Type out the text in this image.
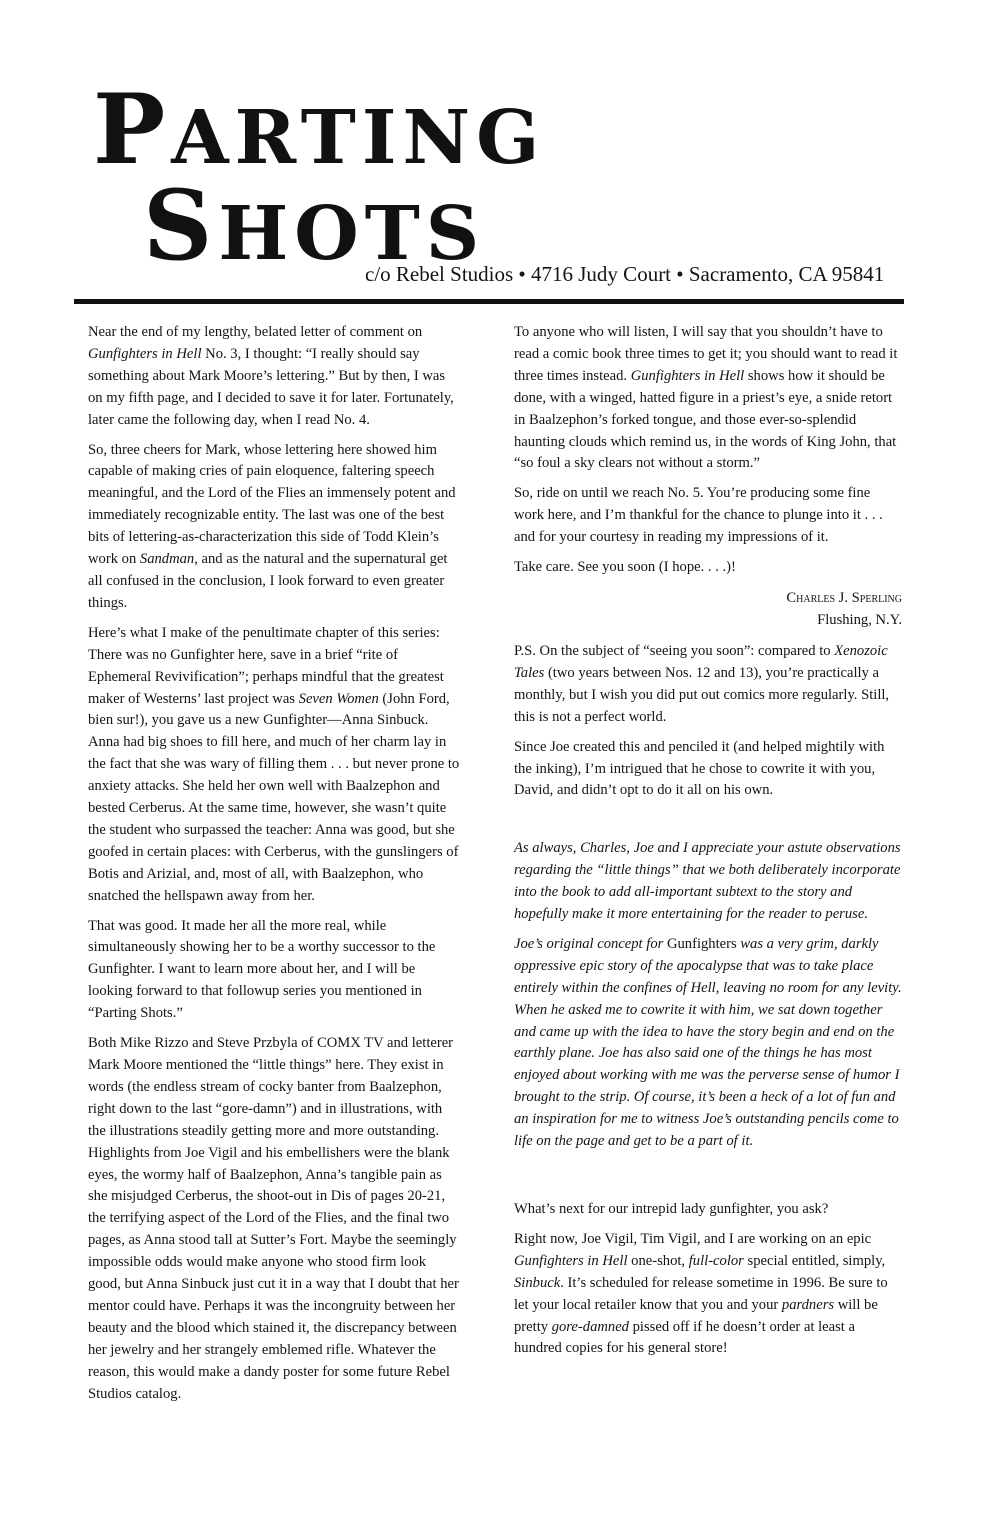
PARTING
SHOTS
c/o Rebel Studios • 4716 Judy Court • Sacramento, CA 95841

Near the end of my lengthy, belated letter of comment on Gunfighters in Hell No. 3, I thought: “I really should say something about Mark Moore’s lettering.” But by then, I was on my fifth page, and I decided to save it for later. Fortunately, later came the following day, when I read No. 4.

So, three cheers for Mark, whose lettering here showed him capable of making cries of pain eloquence, faltering speech meaningful, and the Lord of the Flies an immensely potent and immediately recognizable entity. The last was one of the best bits of lettering-as-characterization this side of Todd Klein’s work on Sandman, and as the natural and the supernatural get all confused in the conclusion, I look forward to even greater things.

Here’s what I make of the penultimate chapter of this series: There was no Gunfighter here, save in a brief “rite of Ephemeral Revivification”; perhaps mindful that the greatest maker of Westerns’ last project was Seven Women (John Ford, bien sur!), you gave us a new Gunfighter—Anna Sinbuck. Anna had big shoes to fill here, and much of her charm lay in the fact that she was wary of filling them . . . but never prone to anxiety attacks. She held her own well with Baalzephon and bested Cerberus. At the same time, however, she wasn’t quite the student who surpassed the teacher: Anna was good, but she goofed in certain places: with Cerberus, with the gunslingers of Botis and Arizial, and, most of all, with Baalzephon, who snatched the hellspawn away from her.

That was good. It made her all the more real, while simultaneously showing her to be a worthy successor to the Gunfighter. I want to learn more about her, and I will be looking forward to that followup series you mentioned in “Parting Shots.”

Both Mike Rizzo and Steve Przbyla of COMX TV and letterer Mark Moore mentioned the “little things” here. They exist in words (the endless stream of cocky banter from Baalzephon, right down to the last “gore-damn”) and in illustrations, with the illustrations steadily getting more and more outstanding. Highlights from Joe Vigil and his embellishers were the blank eyes, the wormy half of Baalzephon, Anna’s tangible pain as she misjudged Cerberus, the shoot-out in Dis of pages 20-21, the terrifying aspect of the Lord of the Flies, and the final two pages, as Anna stood tall at Sutter’s Fort. Maybe the seemingly impossible odds would make anyone who stood firm look good, but Anna Sinbuck just cut it in a way that I doubt that her mentor could have. Perhaps it was the incongruity between her beauty and the blood which stained it, the discrepancy between her jewelry and her strangely emblemed rifle. Whatever the reason, this would make a dandy poster for some future Rebel Studios catalog.

To anyone who will listen, I will say that you shouldn’t have to read a comic book three times to get it; you should want to read it three times instead. Gunfighters in Hell shows how it should be done, with a winged, hatted figure in a priest’s eye, a snide retort in Baalzephon’s forked tongue, and those ever-so-splendid haunting clouds which remind us, in the words of King John, that “so foul a sky clears not without a storm.”

So, ride on until we reach No. 5. You’re producing some fine work here, and I’m thankful for the chance to plunge into it . . . and for your courtesy in reading my impressions of it.

Take care. See you soon (I hope. . . .)!

Charles J. Sperling
Flushing, N.Y.

P.S. On the subject of “seeing you soon”: compared to Xenozoic Tales (two years between Nos. 12 and 13), you’re practically a monthly, but I wish you did put out comics more regularly. Still, this is not a perfect world.

Since Joe created this and penciled it (and helped mightily with the inking), I’m intrigued that he chose to cowrite it with you, David, and didn’t opt to do it all on his own.

As always, Charles, Joe and I appreciate your astute observations regarding the “little things” that we both deliberately incorporate into the book to add all-important subtext to the story and hopefully make it more entertaining for the reader to peruse.

Joe’s original concept for Gunfighters was a very grim, darkly oppressive epic story of the apocalypse that was to take place entirely within the confines of Hell, leaving no room for any levity. When he asked me to cowrite it with him, we sat down together and came up with the idea to have the story begin and end on the earthly plane. Joe has also said one of the things he has most enjoyed about working with me was the perverse sense of humor I brought to the strip. Of course, it’s been a heck of a lot of fun and an inspiration for me to witness Joe’s outstanding pencils come to life on the page and get to be a part of it.

What’s next for our intrepid lady gunfighter, you ask?

Right now, Joe Vigil, Tim Vigil, and I are working on an epic Gunfighters in Hell one-shot, full-color special entitled, simply, Sinbuck. It’s scheduled for release sometime in 1996. Be sure to let your local retailer know that you and your pardners will be pretty gore-damned pissed off if he doesn’t order at least a hundred copies for his general store!
